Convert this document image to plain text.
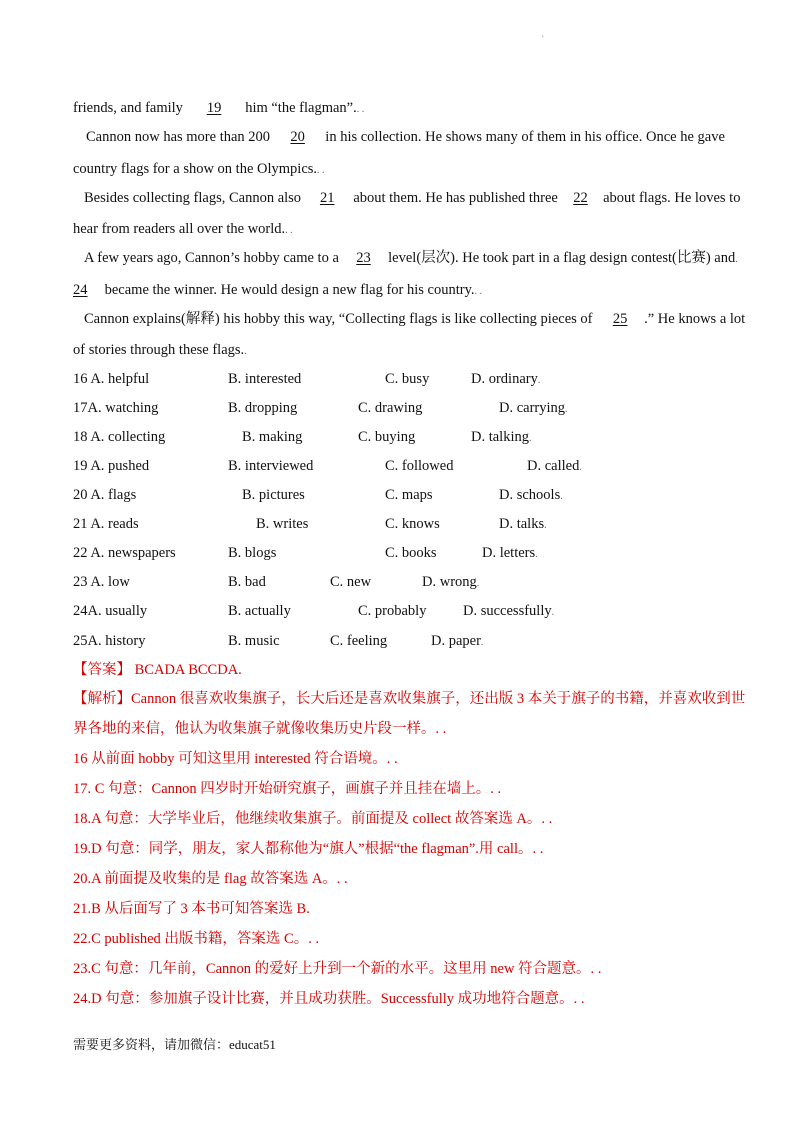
'
friends, and family 19 him “the flagman”.. .
Cannon now has more than 200 20 in his collection. He shows many of them in his office. Once he gave
country flags for a show on the Olympics.. .
Besides collecting flags, Cannon also 21 about them. He has published three 22 about flags. He loves to
hear from readers all over the world.. .
A few years ago, Cannon’s hobby came to a 23 level(层次). He took part in a flag design contest(比赛) and.
24 became the winner. He would design a new flag for his country.. .
Cannon explains(解释) his hobby this way, “Collecting flags is like collecting pieces of 25 .” He knows a lot
of stories through these flags..
16 A. helpful	B. interested	C. busy	D. ordinary.
17A. watching	B. dropping	C. drawing	D. carrying.
18 A. collecting	B. making	C. buying	D. talking.
19 A. pushed	B. interviewed	C. followed	D. called.
20 A. flags	B. pictures	C. maps	D. schools.
21 A. reads	B. writes	C. knows	D. talks.
22 A. newspapers	B. blogs	C. books	D. letters.
23 A. low	B. bad	C. new	D. wrong.
24A. usually	B. actually	C. probably	D. successfully.
25A. history	B. music	C. feeling	D. paper.
【答案】 BCADA BCCDA.
【解析】Cannon 很喜欢收集旗子，长大后还是喜欢收集旗子，还出版 3 本关于旗子的书籍，并喜欢收到世
界各地的来信，他认为收集旗子就像收集历史片段一样。. .
16 从前面 hobby 可知这里用 interested 符合语境。. .
17. C 句意：Cannon 四岁时开始研究旗子，画旗子并且挂在墙上。. .
18.A 句意：大学毕业后，他继续收集旗子。前面提及 collect 故答案选 A。. .
19.D 句意：同学，朋友，家人都称他为“旗人”根据“the flagman”.用 call。. .
20.A 前面提及收集的是 flag 故答案选 A。. .
21.B 从后面写了 3 本书可知答案选 B.
22.C published 出版书籍，答案选 C。. .
23.C 句意：几年前，Cannon 的爱好上升到一个新的水平。这里用 new 符合题意。. .
24.D 句意：参加旗子设计比赛，并且成功获胜。Successfully 成功地符合题意。. .
需要更多资料，请加微信：educat51
